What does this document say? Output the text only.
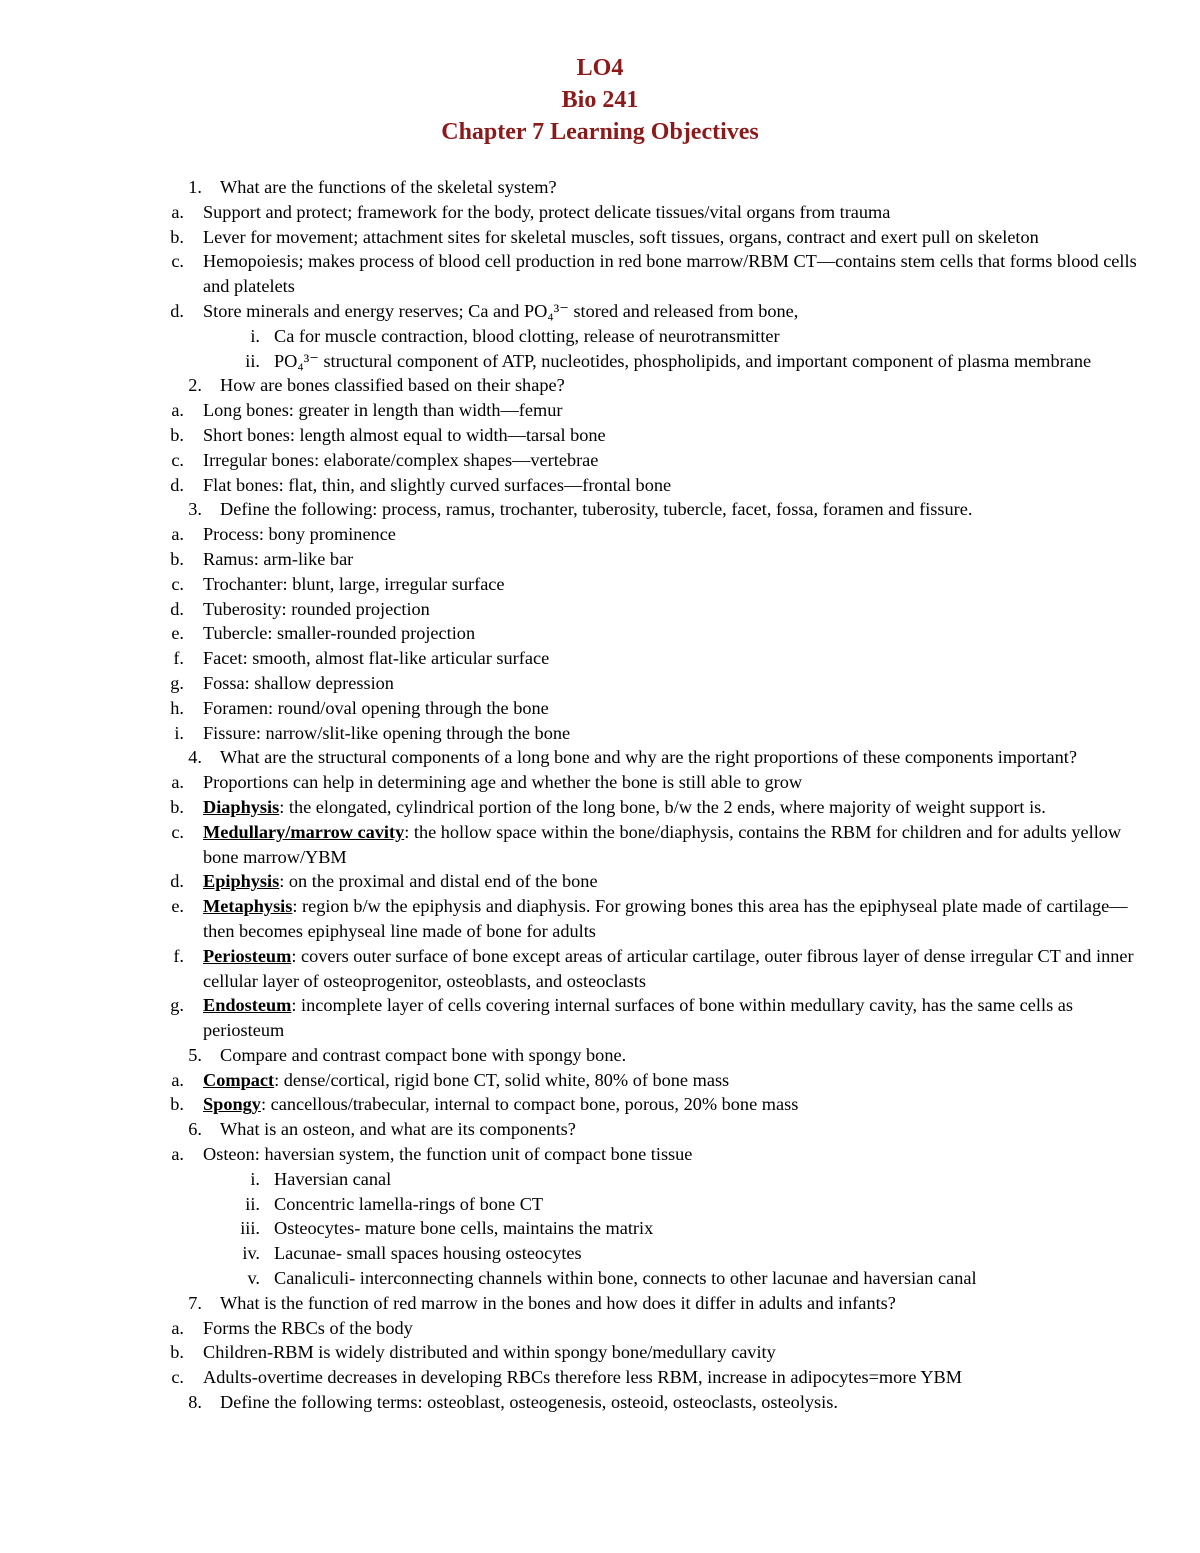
LO4
Bio 241
Chapter 7 Learning Objectives
1. What are the functions of the skeletal system?
a. Support and protect; framework for the body, protect delicate tissues/vital organs from trauma
b. Lever for movement; attachment sites for skeletal muscles, soft tissues, organs, contract and exert pull on skeleton
c. Hemopoiesis; makes process of blood cell production in red bone marrow/RBM CT—contains stem cells that forms blood cells and platelets
d. Store minerals and energy reserves; Ca and PO₄³⁻ stored and released from bone,
i. Ca for muscle contraction, blood clotting, release of neurotransmitter
ii. PO₄³⁻ structural component of ATP, nucleotides, phospholipids, and important component of plasma membrane
2. How are bones classified based on their shape?
a. Long bones: greater in length than width—femur
b. Short bones: length almost equal to width—tarsal bone
c. Irregular bones: elaborate/complex shapes—vertebrae
d. Flat bones: flat, thin, and slightly curved surfaces—frontal bone
3. Define the following: process, ramus, trochanter, tuberosity, tubercle, facet, fossa, foramen and fissure.
a. Process: bony prominence
b. Ramus: arm-like bar
c. Trochanter: blunt, large, irregular surface
d. Tuberosity: rounded projection
e. Tubercle: smaller-rounded projection
f. Facet: smooth, almost flat-like articular surface
g. Fossa: shallow depression
h. Foramen: round/oval opening through the bone
i. Fissure: narrow/slit-like opening through the bone
4. What are the structural components of a long bone and why are the right proportions of these components important?
a. Proportions can help in determining age and whether the bone is still able to grow
b. Diaphysis: the elongated, cylindrical portion of the long bone, b/w the 2 ends, where majority of weight support is.
c. Medullary/marrow cavity: the hollow space within the bone/diaphysis, contains the RBM for children and for adults yellow bone marrow/YBM
d. Epiphysis: on the proximal and distal end of the bone
e. Metaphysis: region b/w the epiphysis and diaphysis. For growing bones this area has the epiphyseal plate made of cartilage—then becomes epiphyseal line made of bone for adults
f. Periosteum: covers outer surface of bone except areas of articular cartilage, outer fibrous layer of dense irregular CT and inner cellular layer of osteoprogenitor, osteoblasts, and osteoclasts
g. Endosteum: incomplete layer of cells covering internal surfaces of bone within medullary cavity, has the same cells as periosteum
5. Compare and contrast compact bone with spongy bone.
a. Compact: dense/cortical, rigid bone CT, solid white, 80% of bone mass
b. Spongy: cancellous/trabecular, internal to compact bone, porous, 20% bone mass
6. What is an osteon, and what are its components?
a. Osteon: haversian system, the function unit of compact bone tissue
i. Haversian canal
ii. Concentric lamella-rings of bone CT
iii. Osteocytes- mature bone cells, maintains the matrix
iv. Lacunae- small spaces housing osteocytes
v. Canaliculi- interconnecting channels within bone, connects to other lacunae and haversian canal
7. What is the function of red marrow in the bones and how does it differ in adults and infants?
a. Forms the RBCs of the body
b. Children-RBM is widely distributed and within spongy bone/medullary cavity
c. Adults-overtime decreases in developing RBCs therefore less RBM, increase in adipocytes=more YBM
8. Define the following terms: osteoblast, osteogenesis, osteoid, osteoclasts, osteolysis.
